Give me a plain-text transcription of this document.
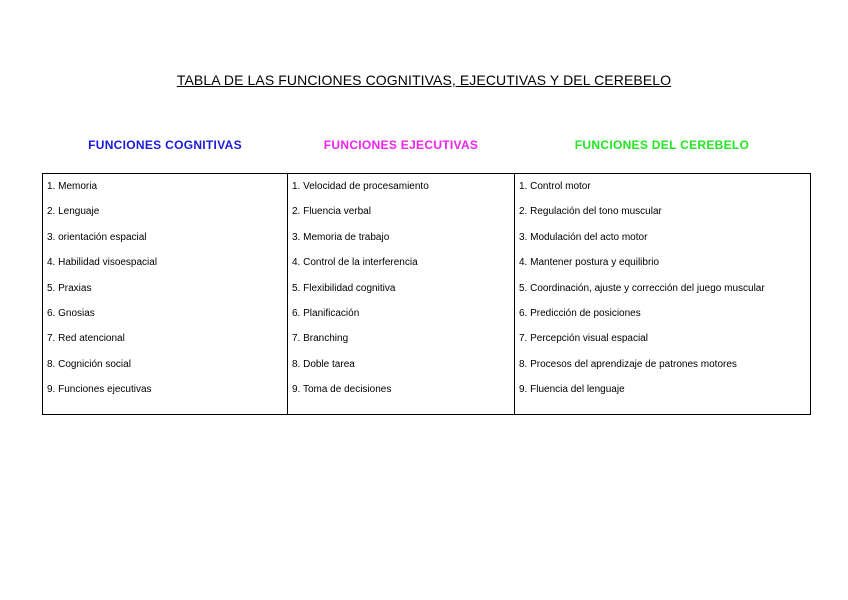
TABLA DE LAS FUNCIONES COGNITIVAS, EJECUTIVAS Y DEL CEREBELO
FUNCIONES COGNITIVAS	FUNCIONES EJECUTIVAS	FUNCIONES DEL CEREBELO
1. Memoria
2. Lenguaje
3. orientación espacial
4. Habilidad visoespacial
5. Praxias
6. Gnosias
7. Red atencional
8. Cognición social
9. Funciones ejecutivas
1. Velocidad de procesamiento
2. Fluencia verbal
3. Memoria de trabajo
4. Control de la interferencia
5. Flexibilidad cognitiva
6. Planificación
7. Branching
8. Doble tarea
9. Toma de decisiones
1. Control motor
2. Regulación del tono muscular
3. Modulación del acto motor
4. Mantener postura y equilibrio
5. Coordinación, ajuste y corrección del juego muscular
6. Predicción de posiciones
7. Percepción visual espacial
8. Procesos del aprendizaje de patrones motores
9. Fluencia del lenguaje
